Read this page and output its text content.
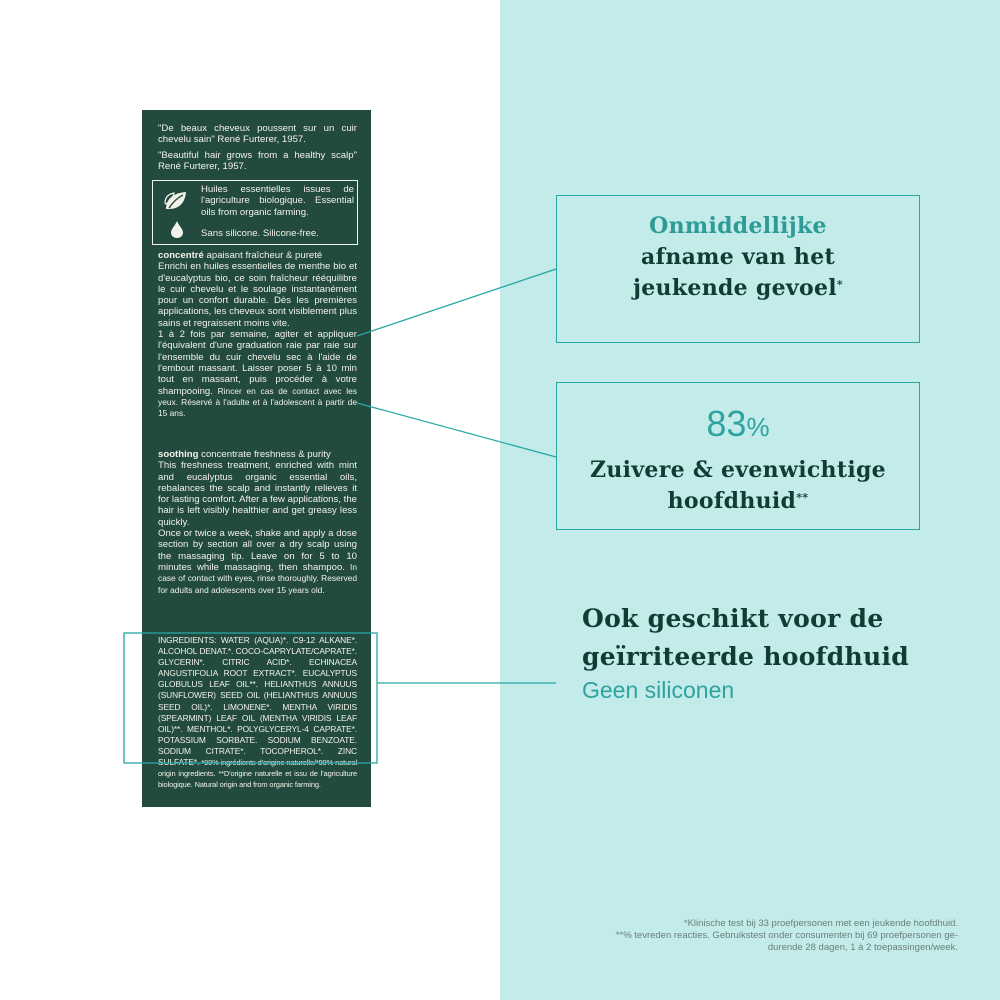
"De beaux cheveux poussent sur un cuir chevelu sain" René Furterer, 1957.

"Beautiful hair grows from a healthy scalp" René Furterer, 1957.

Huiles essentielles issues de l'agriculture biologique. Essential oils from organic farming.

Sans silicone. Silicone-free.

concentré apaisant fraîcheur & pureté

Enrichi en huiles essentielles de menthe bio et d'eucalyptus bio, ce soin fraîcheur rééquilibre le cuir chevelu et le soulage instantanément pour un confort durable. Dès les premières applications, les cheveux sont visiblement plus sains et regraissent moins vite.

1 à 2 fois par semaine, agiter et appliquer l'équivalent d'une graduation raie par raie sur l'ensemble du cuir chevelu sec à l'aide de l'embout massant. Laisser poser 5 à 10 min tout en massant, puis procéder à votre shampooing. Rincer en cas de contact avec les yeux. Réservé à l'adulte et à l'adolescent à partir de 15 ans.

soothing concentrate freshness & purity

This freshness treatment, enriched with mint and eucalyptus organic essential oils, rebalances the scalp and instantly relieves it for lasting comfort. After a few applications, the hair is left visibly healthier and get greasy less quickly.

Once or twice a week, shake and apply a dose section by section all over a dry scalp using the massaging tip. Leave on for 5 to 10 minutes while massaging, then shampoo. In case of contact with eyes, rinse thoroughly. Reserved for adults and adolescents over 15 years old.

INGREDIENTS: WATER (AQUA)*. C9-12 ALKANE*. ALCOHOL DENAT.*. COCO-CAPRYLATE/CAPRATE*. GLYCERIN*. CITRIC ACID*. ECHINACEA ANGUSTIFOLIA ROOT EXTRACT*. EUCALYPTUS GLOBULUS LEAF OIL**. HELIANTHUS ANNUUS (SUNFLOWER) SEED OIL (HELIANTHUS ANNUUS SEED OIL)*. LIMONENE*. MENTHA VIRIDIS (SPEARMINT) LEAF OIL (MENTHA VIRIDIS LEAF OIL)**. MENTHOL*. POLYGLYCERYL-4 CAPRATE*. POTASSIUM SORBATE. SODIUM BENZOATE. SODIUM CITRATE*. TOCOPHEROL*. ZINC SULFATE*. *99% ingrédients d'origine naturelle/*99% natural origin ingredients. **D'origine naturelle et issu de l'agriculture biologique. Natural origin and from organic farming.
Onmiddellijke
afname van het
jeukende gevoel*
83%
Zuivere & evenwichtige
hoofdhuid**
Ook geschikt voor de
geïrriteerde hoofdhuid
Geen siliconen

*Klinische test bij 33 proefpersonen met een jeukende hoofdhuid.

**% tevreden reacties. Gebruikstest onder consumenten bij 69 proefpersonen ge-

durende 28 dagen, 1 à 2 toepassingen/week.
